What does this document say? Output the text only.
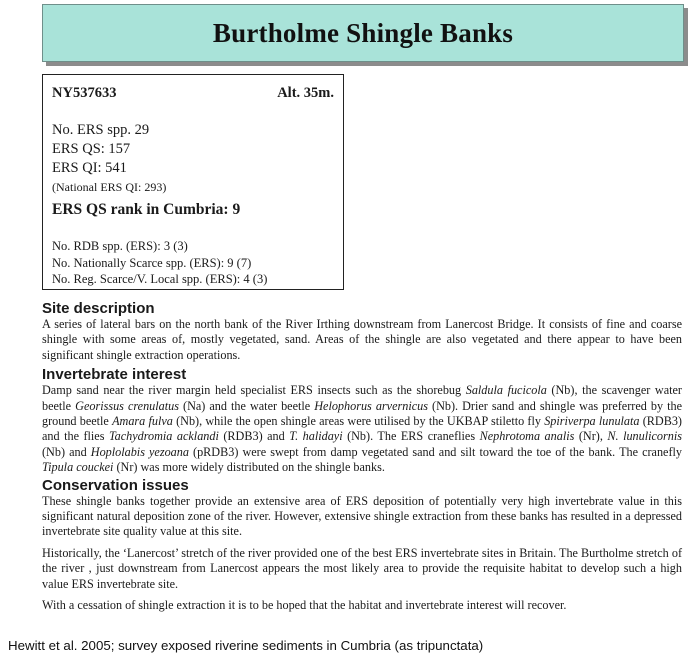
Burtholme Shingle Banks
NY537633	Alt. 35m.
No. ERS spp. 29
ERS QS: 157
ERS QI: 541
(National ERS QI: 293)
ERS QS rank in Cumbria: 9
No. RDB spp. (ERS): 3 (3)
No. Nationally Scarce spp. (ERS): 9 (7)
No. Reg. Scarce/V. Local spp. (ERS): 4 (3)
Site description

A series of lateral bars on the north bank of the River Irthing downstream from Lanercost Bridge. It consists of fine and coarse shingle with some areas of, mostly vegetated, sand. Areas of the shingle are also vegetated and there appear to have been significant shingle extraction operations.

Invertebrate interest

Damp sand near the river margin held specialist ERS insects such as the shorebug Saldula fucicola (Nb), the scavenger water beetle Georissus crenulatus (Na) and the water beetle Helophorus arvernicus (Nb). Drier sand and shingle was preferred by the ground beetle Amara fulva (Nb), while the open shingle areas were utilised by the UKBAP stiletto fly Spiriverpa lunulata (RDB3) and the flies Tachydromia acklandi (RDB3) and T. halidayi (Nb). The ERS craneflies Nephrotoma analis (Nr), N. lunulicornis (Nb) and Hoplolabis yezoana (pRDB3) were swept from damp vegetated sand and silt toward the toe of the bank. The cranefly Tipula couckei (Nr) was more widely distributed on the shingle banks.

Conservation issues

These shingle banks together provide an extensive area of ERS deposition of potentially very high invertebrate value in this significant natural deposition zone of the river. However, extensive shingle extraction from these banks has resulted in a depressed invertebrate site quality value at this site.

Historically, the ‘Lanercost’ stretch of the river provided one of the best ERS invertebrate sites in Britain. The Burtholme stretch of the river , just downstream from Lanercost appears the most likely area to provide the requisite habitat to develop such a high value ERS invertebrate site.

With a cessation of shingle extraction it is to be hoped that the habitat and invertebrate interest will recover.

Hewitt et al. 2005; survey exposed riverine sediments in Cumbria (as tripunctata)
